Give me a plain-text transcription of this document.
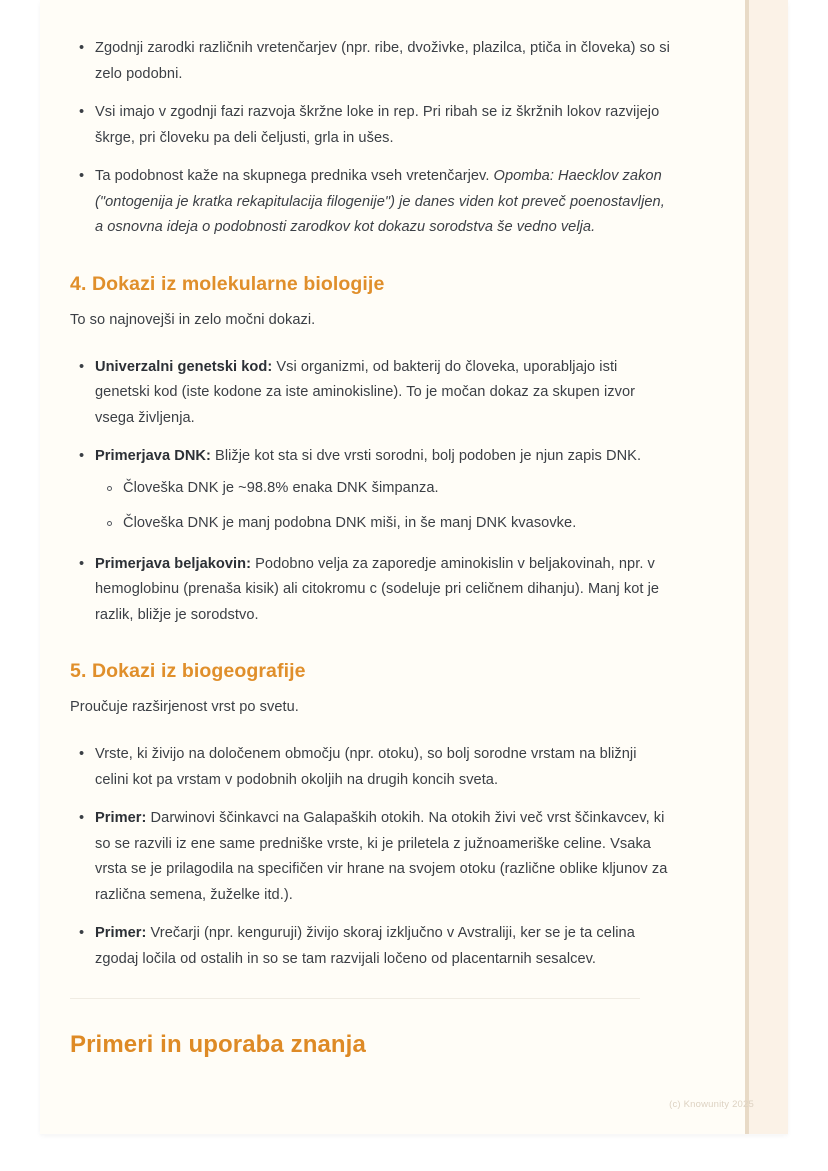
• Zgodnji zarodki različnih vretenčarjev (npr. ribe, dvoživke, plazilca, ptiča in človeka) so si zelo podobni.
• Vsi imajo v zgodnji fazi razvoja škržne loke in rep. Pri ribah se iz škržnih lokov razvijejo škrge, pri človeku pa deli čeljusti, grla in ušes.
• Ta podobnost kaže na skupnega prednika vseh vretenčarjev. Opomba: Haecklov zakon ("ontogenija je kratka rekapitulacija filogenije") je danes viden kot preveč poenostavljen, a osnovna ideja o podobnosti zarodkov kot dokazu sorodstva še vedno velja.
4. Dokazi iz molekularne biologije

To so najnovejši in zelo močni dokazi.

• Univerzalni genetski kod: Vsi organizmi, od bakterij do človeka, uporabljajo isti genetski kod (iste kodone za iste aminokisline). To je močan dokaz za skupen izvor vsega življenja.
• Primerjava DNK: Bližje kot sta si dve vrsti sorodni, bolj podoben je njun zapis DNK.
Človeška DNK je ~98.8% enaka DNK šimpanza.
Človeška DNK je manj podobna DNK miši, in še manj DNK kvasovke.
• Primerjava beljakovin: Podobno velja za zaporedje aminokislin v beljakovinah, npr. v hemoglobinu (prenaša kisik) ali citokromu c (sodeluje pri celičnem dihanju). Manj kot je razlik, bližje je sorodstvo.
5. Dokazi iz biogeografije

Proučuje razširjenost vrst po svetu.

• Vrste, ki živijo na določenem območju (npr. otoku), so bolj sorodne vrstam na bližnji celini kot pa vrstam v podobnih okoljih na drugih koncih sveta.
• Primer: Darwinovi ščinkavci na Galapaških otokih. Na otokih živi več vrst ščinkavcev, ki so se razvili iz ene same predniške vrste, ki je priletela z južnoameriške celine. Vsaka vrsta se je prilagodila na specifičen vir hrane na svojem otoku (različne oblike kljunov za različna semena, žuželke itd.).
• Primer: Vrečarji (npr. kenguruji) živijo skoraj izključno v Avstraliji, ker se je ta celina zgodaj ločila od ostalih in so se tam razvijali ločeno od placentarnih sesalcev.
Primeri in uporaba znanja
(c) Knowunity 2025
